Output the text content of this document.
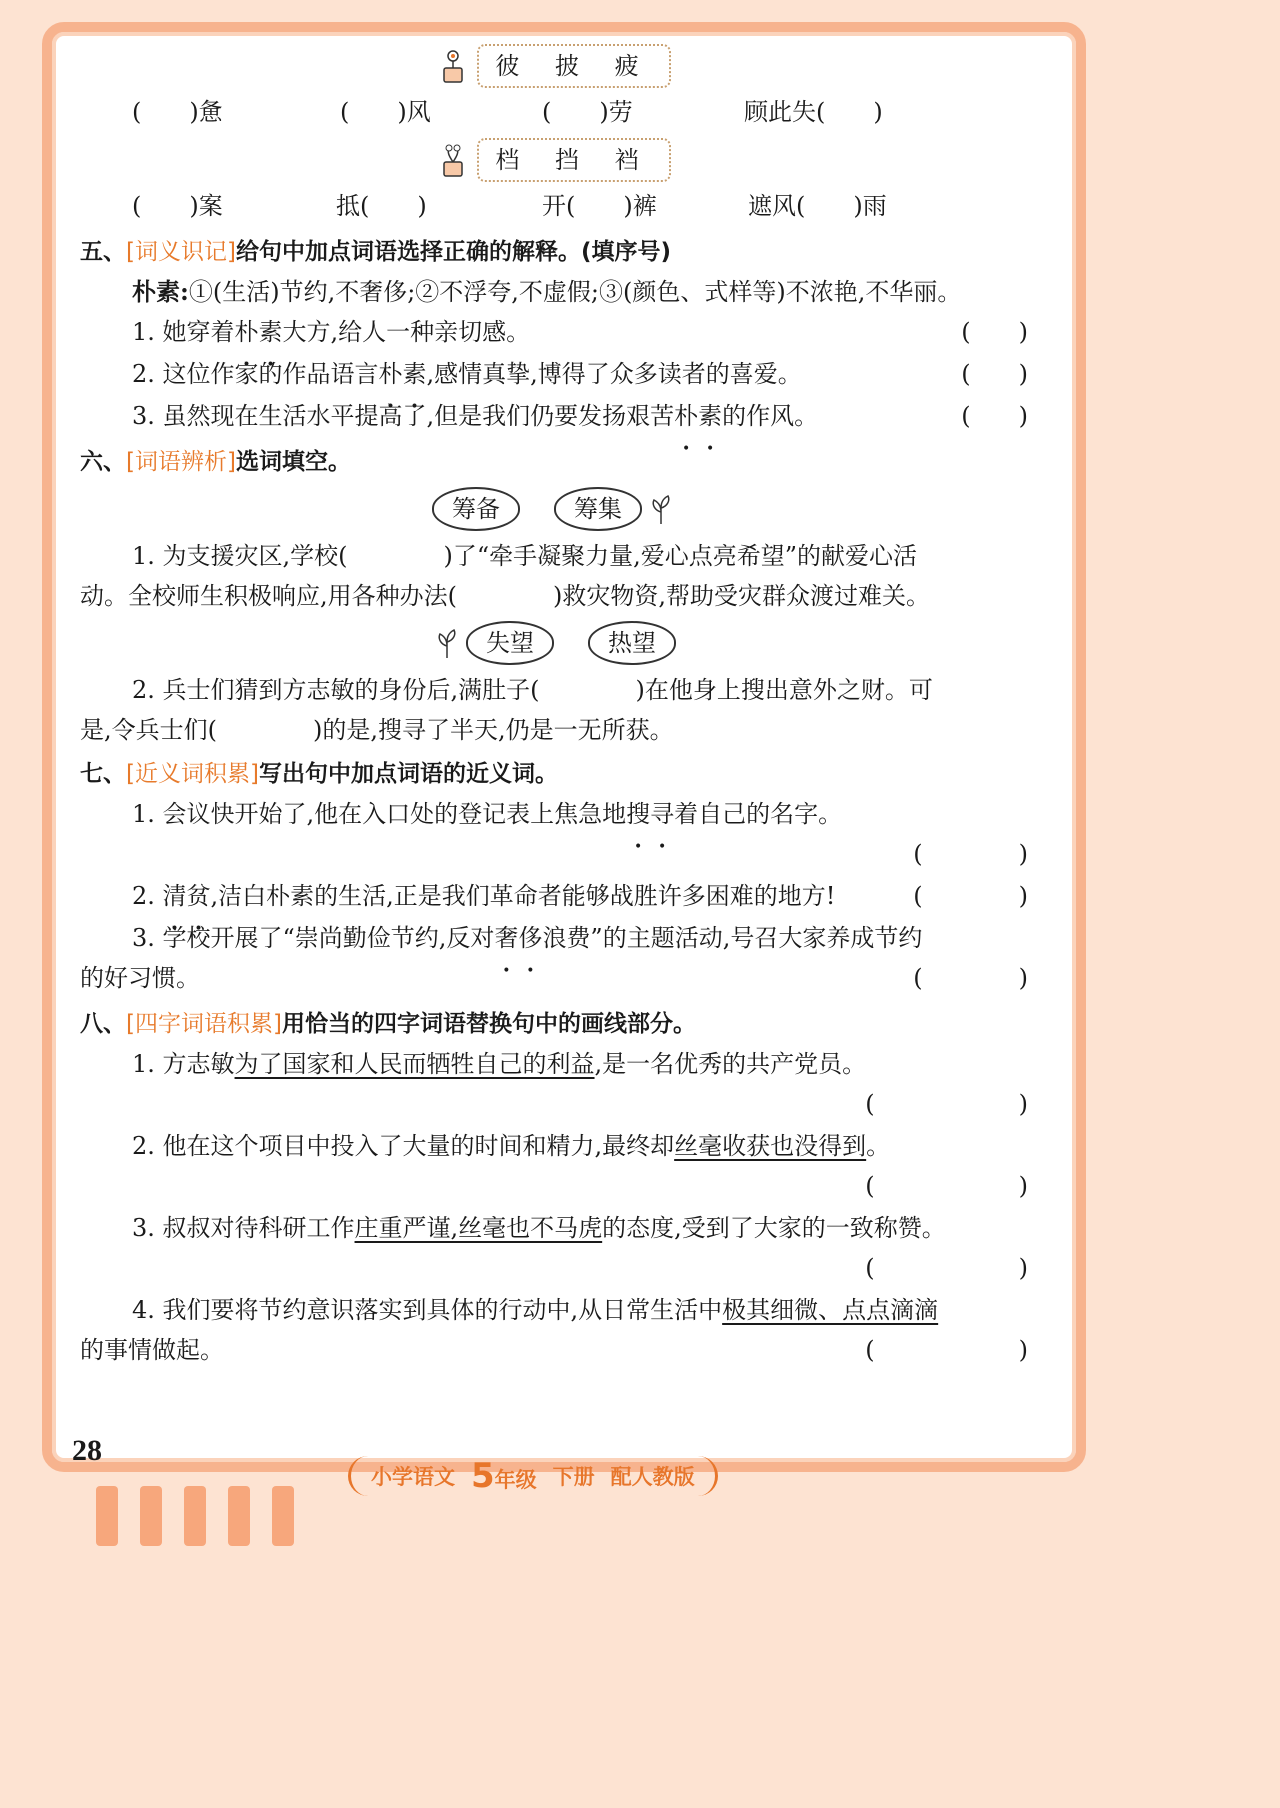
彼 披 疲
(　　)惫	(　　)风	(　　)劳	顾此失(　　)
档 挡 裆
(　　)案	抵(　　)	开(　　)裤	遮风(　　)雨
五、[词义识记]给句中加点词语选择正确的解释。(填序号)
朴素:①(生活)节约,不奢侈;②不浮夸,不虚假;③(颜色、式样等)不浓艳,不华丽。
1. 她穿着朴素大方,给人一种亲切感。	(　　)
2. 这位作家的作品语言朴素,感情真挚,博得了众多读者的喜爱。	(　　)
3. 虽然现在生活水平提高了,但是我们仍要发扬艰苦朴素的作风。	(　　)
六、[词语辨析]选词填空。
筹备	筹集
1. 为支援灾区,学校(　　　　)了“牵手凝聚力量,爱心点亮希望”的献爱心活
动。全校师生积极响应,用各种办法(　　　　)救灾物资,帮助受灾群众渡过难关。
失望	热望
2. 兵士们猜到方志敏的身份后,满肚子(　　　　)在他身上搜出意外之财。可
是,令兵士们(　　　　)的是,搜寻了半天,仍是一无所获。
七、[近义词积累]写出句中加点词语的近义词。
1. 会议快开始了,他在入口处的登记表上焦急地搜寻着自己的名字。
(　　　　)
2. 清贫,洁白朴素的生活,正是我们革命者能够战胜许多困难的地方!	(　　　　)
3. 学校开展了“崇尚勤俭节约,反对奢侈浪费”的主题活动,号召大家养成节约
的好习惯。	(　　　　)
八、[四字词语积累]用恰当的四字词语替换句中的画线部分。
1. 方志敏为了国家和人民而牺牲自己的利益,是一名优秀的共产党员。
(　　　　　　)
2. 他在这个项目中投入了大量的时间和精力,最终却丝毫收获也没得到。
(　　　　　　)
3. 叔叔对待科研工作庄重严谨,丝毫也不马虎的态度,受到了大家的一致称赞。
(　　　　　　)
4. 我们要将节约意识落实到具体的行动中,从日常生活中极其细微、点点滴滴
的事情做起。	(　　　　　　)
28
小学语文 5年级 下册 配人教版
